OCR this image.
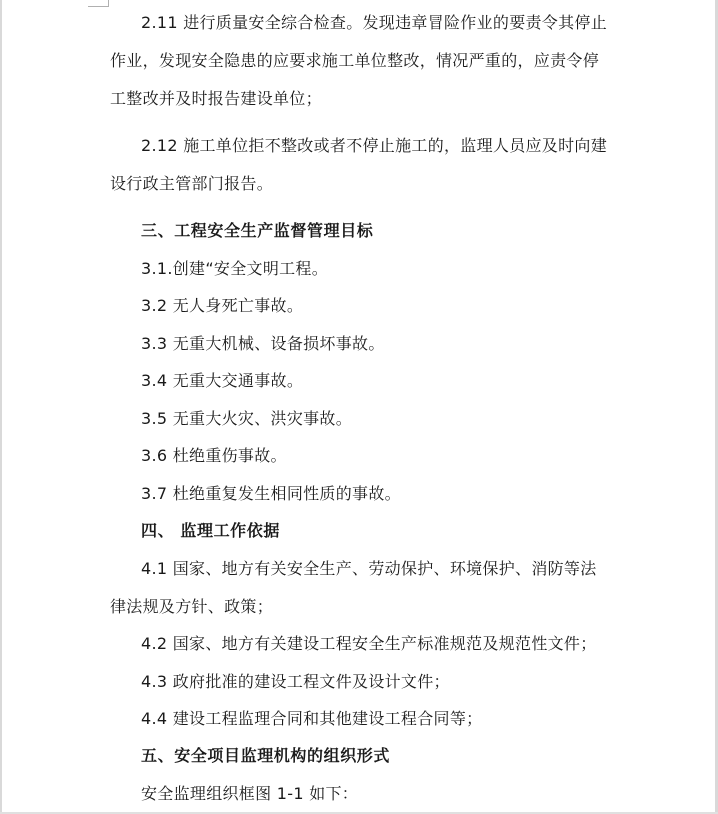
2.11 进行质量安全综合检查。发现违章冒险作业的要责令其停止
作业，发现安全隐患的应要求施工单位整改，情况严重的，应责令停
工整改并及时报告建设单位；
2.12 施工单位拒不整改或者不停止施工的，监理人员应及时向建
设行政主管部门报告。
三、工程安全生产监督管理目标
3.1.创建“安全文明工程。
3.2 无人身死亡事故。
3.3 无重大机械、设备损坏事故。
3.4 无重大交通事故。
3.5 无重大火灾、洪灾事故。
3.6 杜绝重伤事故。
3.7 杜绝重复发生相同性质的事故。
四、 监理工作依据
4.1 国家、地方有关安全生产、劳动保护、环境保护、消防等法
律法规及方针、政策；
4.2 国家、地方有关建设工程安全生产标准规范及规范性文件；
4.3 政府批准的建设工程文件及设计文件；
4.4 建设工程监理合同和其他建设工程合同等；
五、安全项目监理机构的组织形式
安全监理组织框图 1-1 如下：
